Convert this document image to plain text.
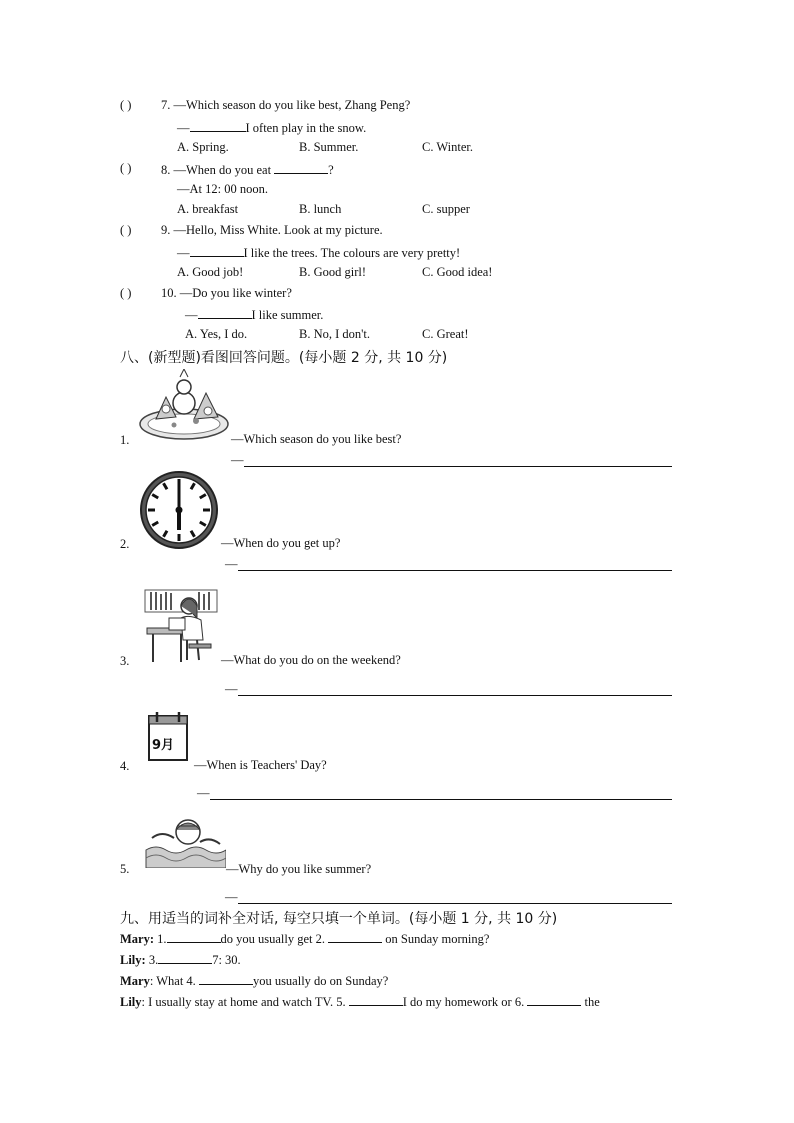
( ) 7. —Which season do you like best, Zhang Peng?
—	I often play in the snow.
A. Spring.	B. Summer.	C. Winter.
( ) 8. —When do you eat	?
—At 12: 00 noon.
A. breakfast	B. lunch	C. supper
( ) 9. —Hello, Miss White. Look at my picture.
—	I like the trees. The colours are very pretty!
A. Good job!	B. Good girl!	C. Good idea!
( ) 10. —Do you like winter?
—	I like summer.
A. Yes, I do.	B. No, I don't.	C. Great!
八、(新型题)看图回答问题。(每小题 2 分, 共 10 分)
1.	—Which season do you like best?
—
2.	—When do you get up?
—
3.	—What do you do on the weekend?
—
9月
4.	—When is Teachers' Day?
—
5.	—Why do you like summer?
—
九、用适当的词补全对话, 每空只填一个单词。(每小题 1 分, 共 10 分)
Mary: 1.	do you usually get 2.	on Sunday morning?
Lily: 3.	7: 30.
Mary: What 4.	you usually do on Sunday?
Lily: I usually stay at home and watch TV. 5.	I do my homework or 6.	the
